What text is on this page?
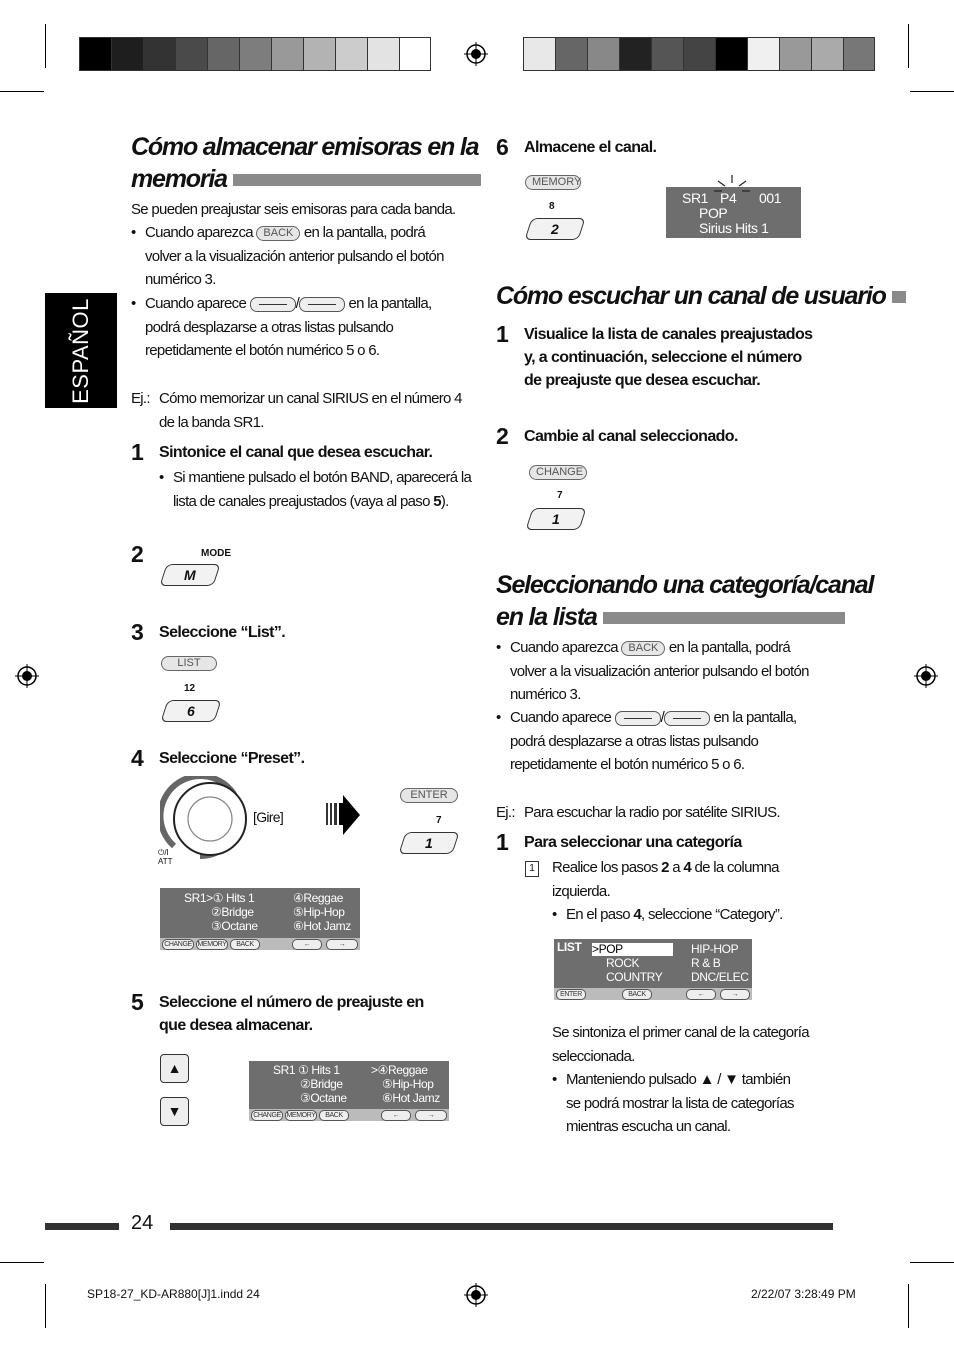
ESPAÑOL
Cómo almacenar emisoras en la
memoria
Se pueden preajustar seis emisoras para cada banda.
• Cuando aparezca BACK en la pantalla, podrá
volver a la visualización anterior pulsando el botón
numérico 3.
• Cuando aparece	/	en la pantalla,
podrá desplazarse a otras listas pulsando
repetidamente el botón numérico 5 o 6.
Ej.: Cómo memorizar un canal SIRIUS en el número 4
de la banda SR1.
1 Sintonice el canal que desea escuchar.
• Si mantiene pulsado el botón BAND, aparecerá la
lista de canales preajustados (vaya al paso 5).
2	MODE
M
3 Seleccione “List”.
LIST
12
6
4 Seleccione “Preset”.
⏻/I ATT
[Gire]
ENTER
7
1
SR1>① Hits 1	④Reggae
②Bridge	⑤Hip-Hop
③Octane	⑥Hot Jamz
CHANGE MEMORY	BACK	←	→
5 Seleccione el número de preajuste en
que desea almacenar.
▲
▼
SR1 ① Hits 1	>④Reggae
②Bridge	⑤Hip-Hop
③Octane	⑥Hot Jamz
CHANGE MEMORY	BACK	←	→
6 Almacene el canal.
MEMORY
8
2
SR1 P4 001
POP
Sirius Hits 1
Cómo escuchar un canal de usuario
1 Visualice la lista de canales preajustados
y, a continuación, seleccione el número
de preajuste que desea escuchar.
2 Cambie al canal seleccionado.
CHANGE
7
1
Seleccionando una categoría/canal
en la lista
• Cuando aparezca BACK en la pantalla, podrá
volver a la visualización anterior pulsando el botón
numérico 3.
• Cuando aparece	/	en la pantalla,
podrá desplazarse a otras listas pulsando
repetidamente el botón numérico 5 o 6.
Ej.: Para escuchar la radio por satélite SIRIUS.
1 Para seleccionar una categoría
1 Realice los pasos 2 a 4 de la columna
izquierda.
• En el paso 4, seleccione “Category”.
LIST >POP	HIP-HOP
ROCK	R & B
COUNTRY DNC/ELEC
ENTER	BACK	←	→
Se sintoniza el primer canal de la categoría
seleccionada.
• Manteniendo pulsado ▲ / ▼ también
se podrá mostrar la lista de categorías
mientras escucha un canal.
24
SP18-27_KD-AR880[J]1.indd 24	2/22/07 3:28:49 PM
